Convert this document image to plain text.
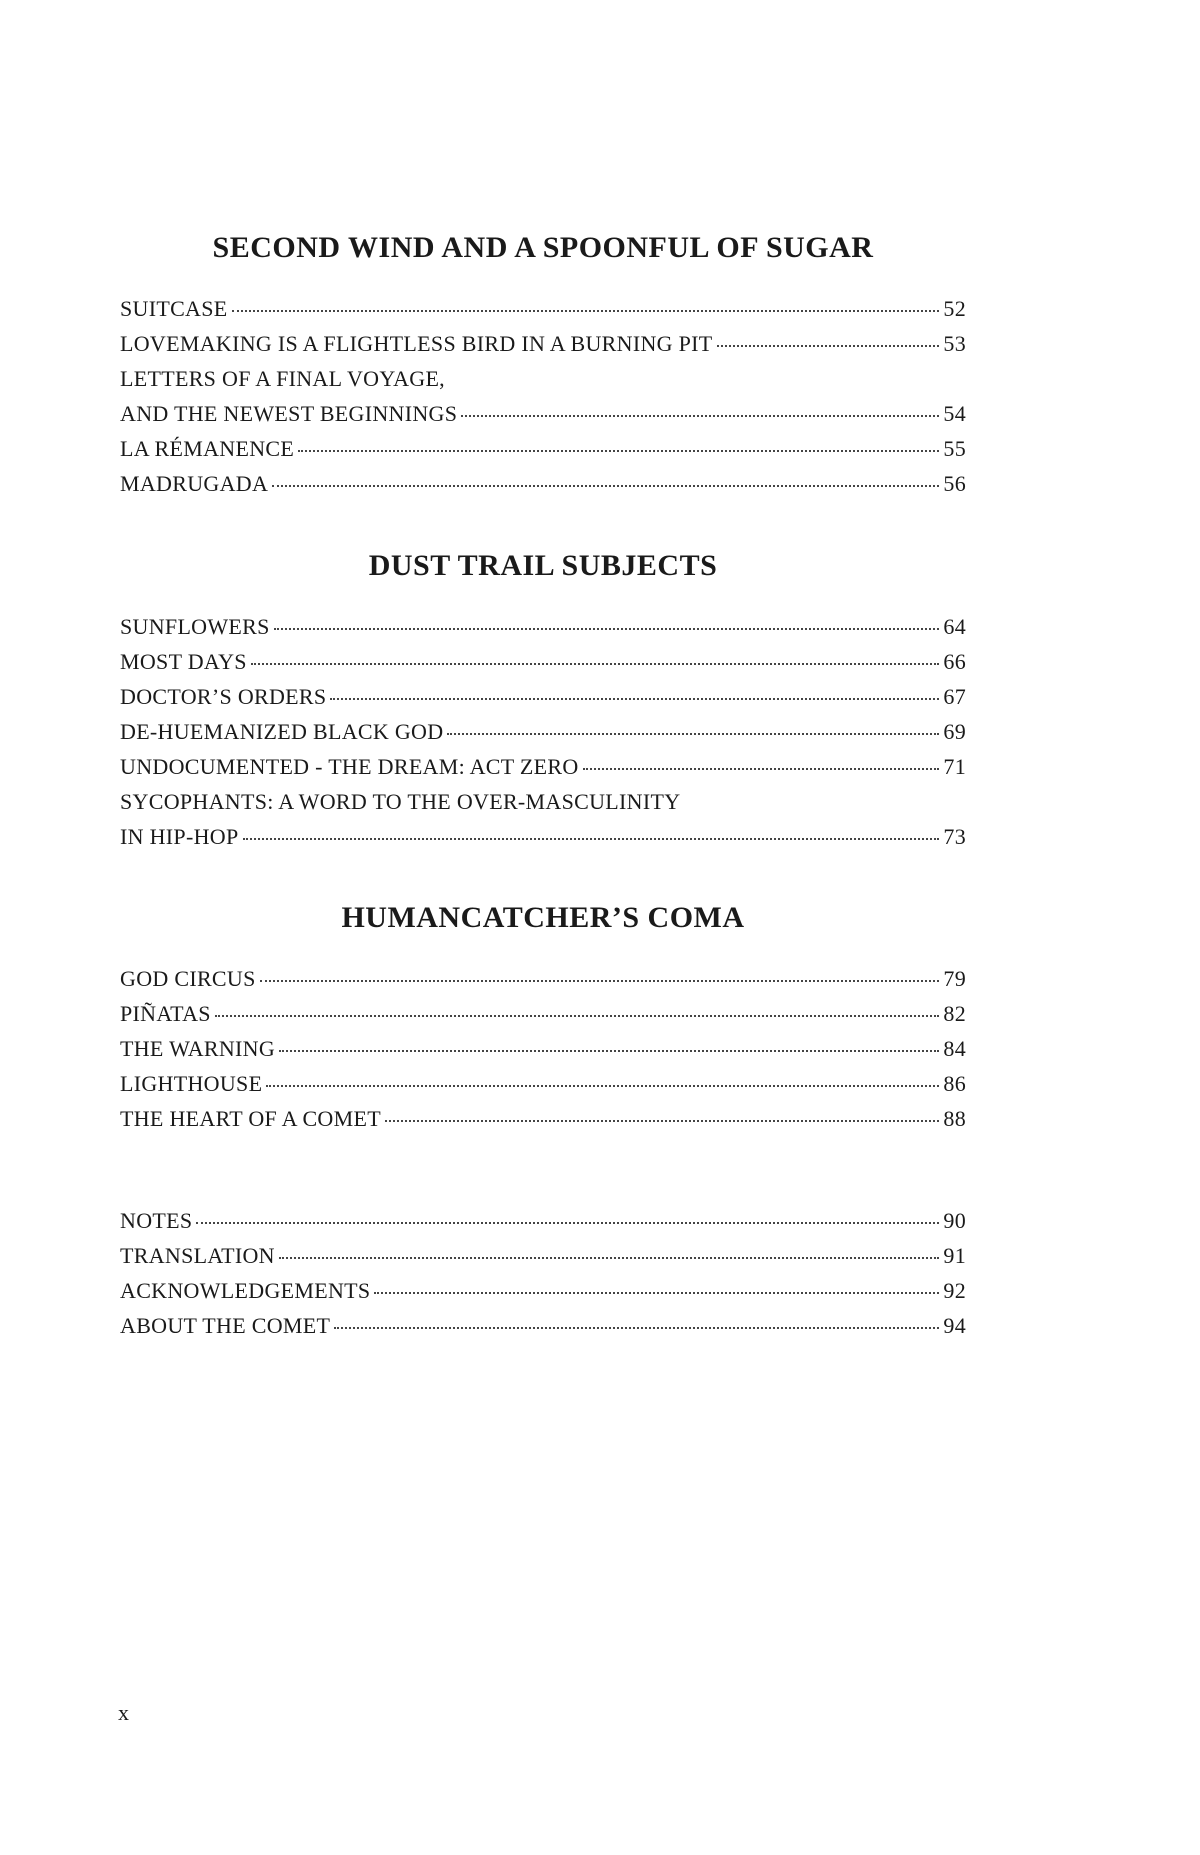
SECOND WIND AND A SPOONFUL OF SUGAR
SUITCASE	52
LOVEMAKING IS A FLIGHTLESS BIRD IN A BURNING PIT	53
LETTERS OF A FINAL VOYAGE,
AND THE NEWEST BEGINNINGS	54
LA RÉMANENCE	55
MADRUGADA	56
DUST TRAIL SUBJECTS
SUNFLOWERS	64
MOST DAYS	66
DOCTOR’S ORDERS	67
DE-HUEMANIZED BLACK GOD	69
UNDOCUMENTED - THE DREAM: ACT ZERO	71
SYCOPHANTS: A WORD TO THE OVER-MASCULINITY
IN HIP-HOP	73
HUMANCATCHER’S COMA
GOD CIRCUS	79
PIÑATAS	82
THE WARNING	84
LIGHTHOUSE	86
THE HEART OF A COMET	88
NOTES	90
TRANSLATION	91
ACKNOWLEDGEMENTS	92
ABOUT THE COMET	94
x
